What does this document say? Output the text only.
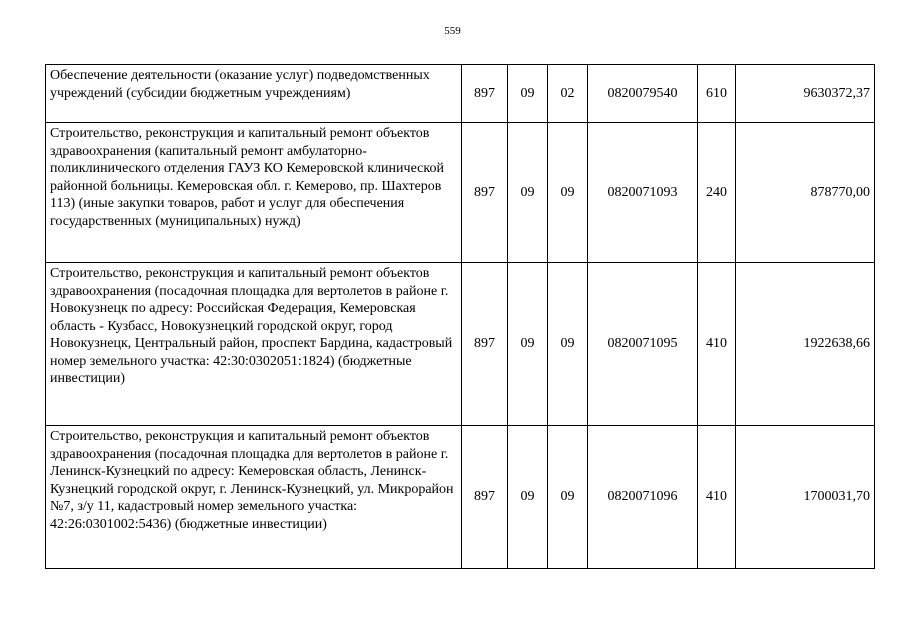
559
Обеспечение деятельности (оказание услуг) подведомственных учреждений (субсидии бюджетным учреждениям)	897	09	02	0820079540	610	9630372,37
Строительство, реконструкция и капитальный ремонт объектов здравоохранения (капитальный ремонт амбулаторно-поликлинического отделения ГАУЗ КО Кемеровской клинической районной больницы. Кемеровская обл. г. Кемерово, пр. Шахтеров 113) (иные закупки товаров, работ и услуг для обеспечения государственных (муниципальных) нужд)	897	09	09	0820071093	240	878770,00
Строительство, реконструкция и капитальный ремонт объектов здравоохранения (посадочная площадка для вертолетов в районе г. Новокузнецк по адресу: Российская Федерация, Кемеровская область - Кузбасс, Новокузнецкий городской округ, город Новокузнецк, Центральный район, проспект Бардина, кадастровый номер земельного участка: 42:30:0302051:1824) (бюджетные инвестиции)	897	09	09	0820071095	410	1922638,66
Строительство, реконструкция и капитальный ремонт объектов здравоохранения (посадочная площадка для вертолетов в районе г. Ленинск-Кузнецкий по адресу: Кемеровская область, Ленинск-Кузнецкий городской округ, г. Ленинск-Кузнецкий, ул. Микрорайон №7, з/у 11, кадастровый номер земельного участка: 42:26:0301002:5436) (бюджетные инвестиции)	897	09	09	0820071096	410	1700031,70
